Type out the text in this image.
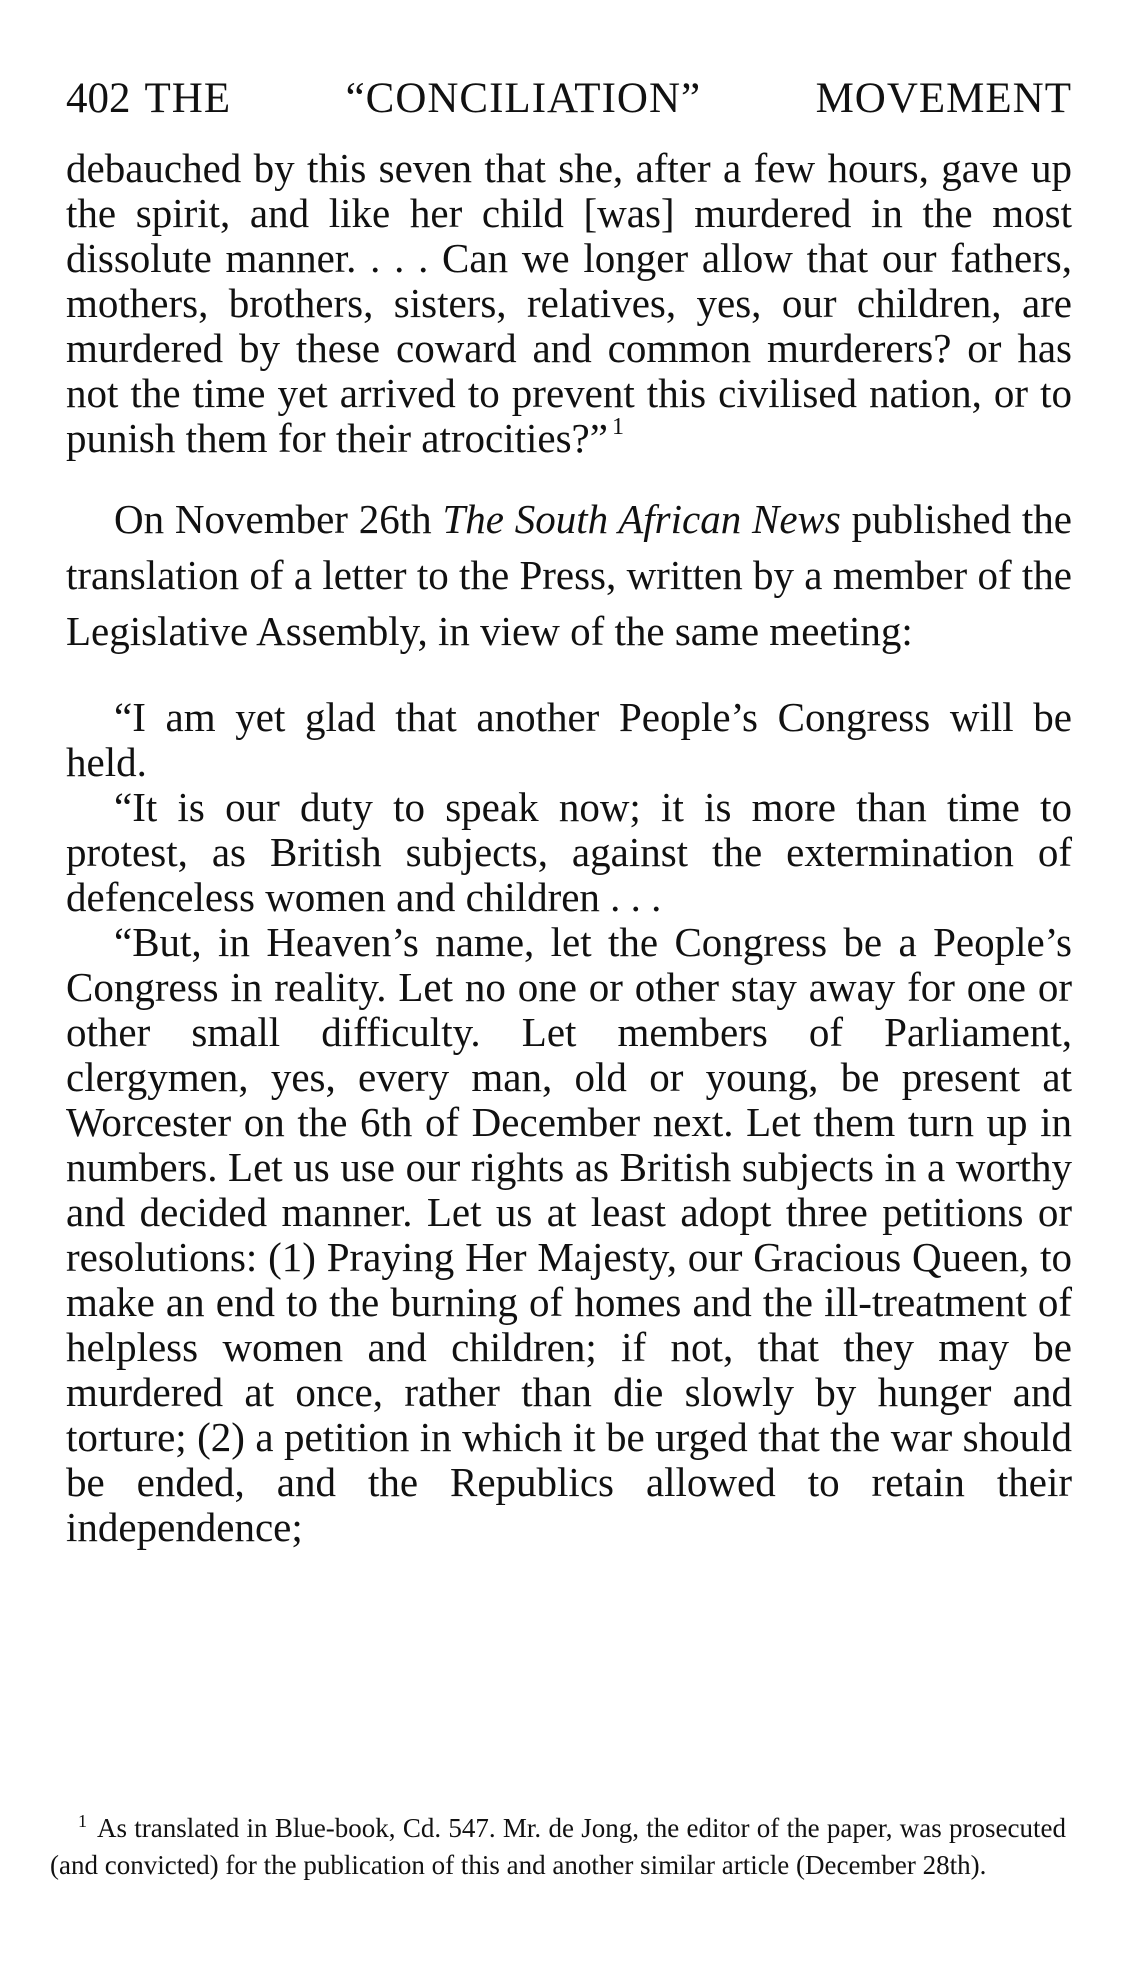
402 THE	“CONCILIATION”	MOVEMENT

debauched by this seven that she, after a few hours, gave up the spirit, and like her child [was] murdered in the most dissolute manner. . . . Can we longer allow that our fathers, mothers, brothers, sisters, relatives, yes, our children, are murdered by these coward and common murderers? or has not the time yet arrived to prevent this civilised nation, or to punish them for their atrocities?” $^1$

On November 26th The South African News published the translation of a letter to the Press, written by a member of the Legislative Assembly, in view of the same meeting:

“I am yet glad that another People’s Congress will be held.

“It is our duty to speak now; it is more than time to protest, as British subjects, against the extermination of defenceless women and children . . .

“But, in Heaven’s name, let the Congress be a People’s Congress in reality. Let no one or other stay away for one or other small difficulty. Let members of Parliament, clergymen, yes, every man, old or young, be present at Worcester on the 6th of December next. Let them turn up in numbers. Let us use our rights as British subjects in a worthy and decided manner. Let us at least adopt three petitions or resolutions: (1) Praying Her Majesty, our Gracious Queen, to make an end to the burning of homes and the ill-treatment of helpless women and children; if not, that they may be murdered at once, rather than die slowly by hunger and torture; (2) a petition in which it be urged that the war should be ended, and the Republics allowed to retain their independence;

$^1$ As translated in Blue-book, Cd. 547. Mr. de Jong, the editor of the paper, was prosecuted (and convicted) for the publication of this and another similar article (December 28th).
